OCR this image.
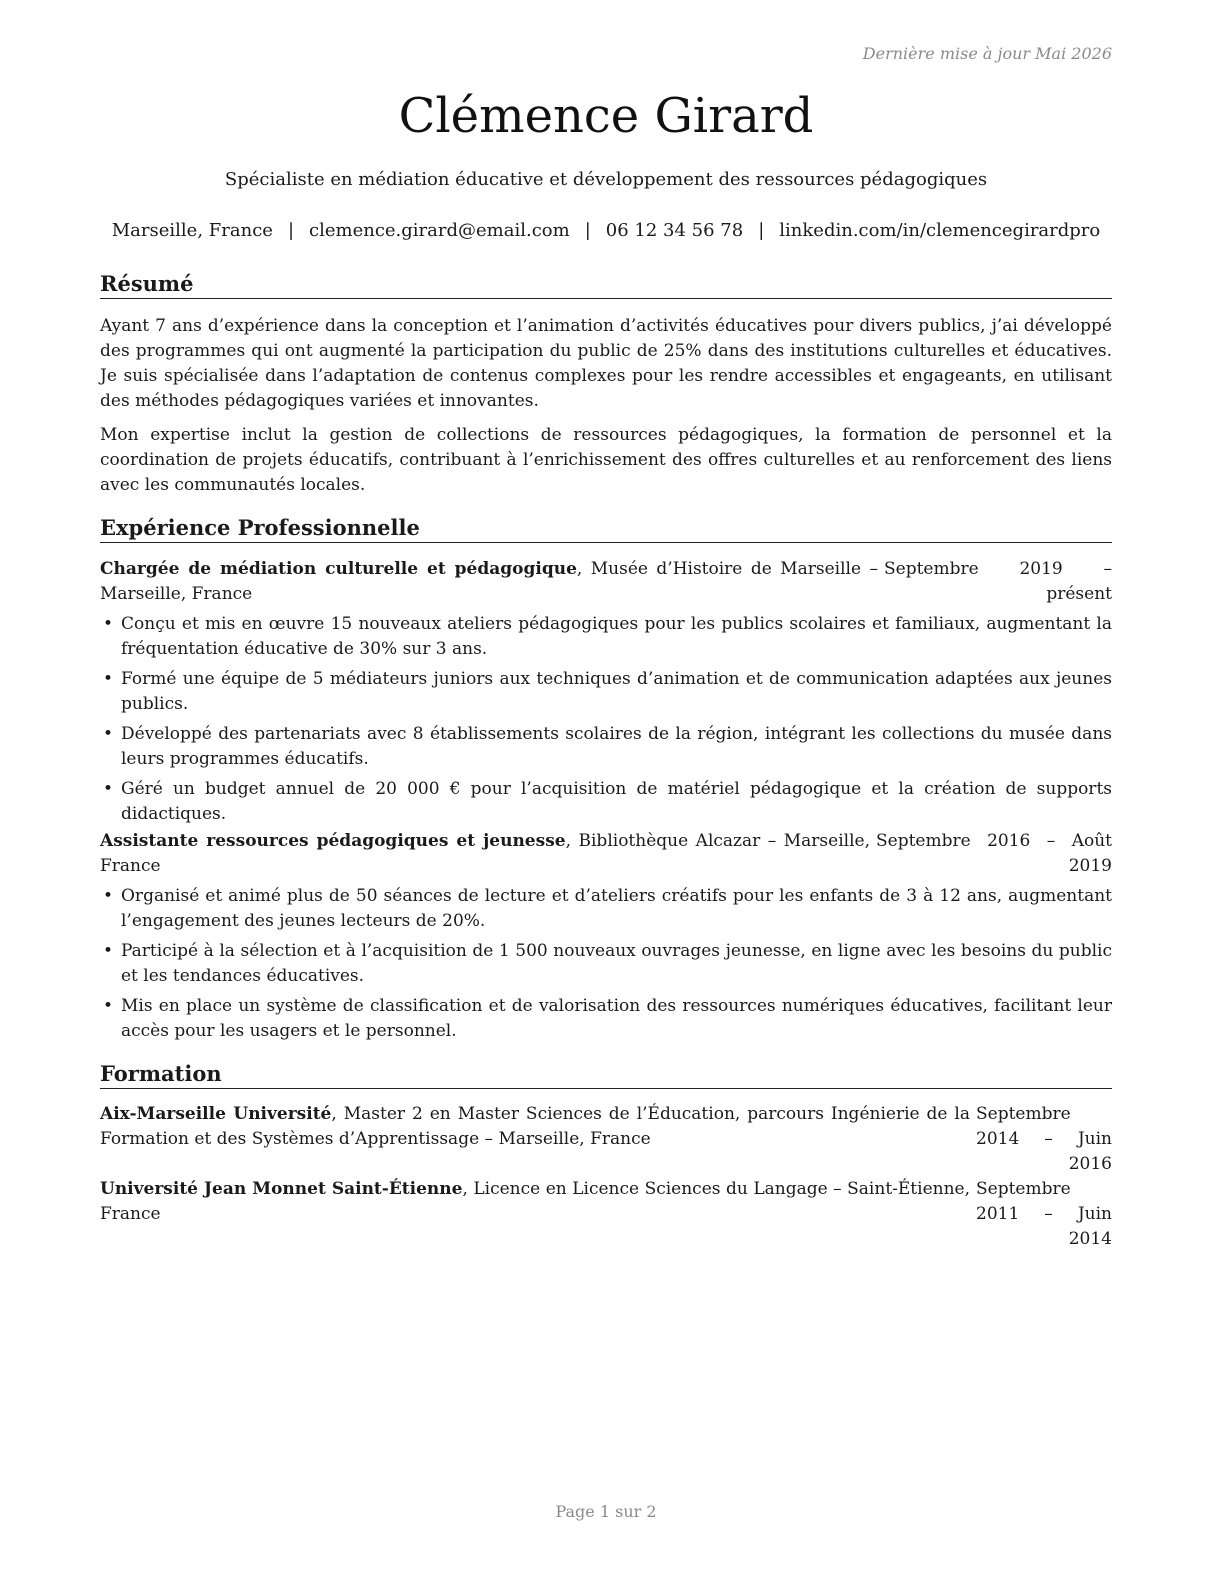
Dernière mise à jour Mai 2026
Clémence Girard
Spécialiste en médiation éducative et développement des ressources pédagogiques
Marseille, France | clemence.girard@email.com | 06 12 34 56 78 | linkedin.com/in/clemencegirardpro
Résumé

Ayant 7 ans d’expérience dans la conception et l’animation d’activités éducatives pour divers publics, j’ai développé des programmes qui ont augmenté la participation du public de 25% dans des institutions culturelles et éducatives. Je suis spécialisée dans l’adaptation de contenus complexes pour les rendre accessibles et engageants, en utilisant des méthodes pédagogiques variées et innovantes.

Mon expertise inclut la gestion de collections de ressources pédagogiques, la formation de personnel et la coordination de projets éducatifs, contribuant à l’enrichissement des offres culturelles et au renforcement des liens avec les communautés locales.

Expérience Professionnelle
Chargée de médiation culturelle et pédagogique, Musée d’Histoire de Marseille – Marseille, France
Septembre 2019 – présent
• Conçu et mis en œuvre 15 nouveaux ateliers pédagogiques pour les publics scolaires et familiaux, augmentant la fréquentation éducative de 30% sur 3 ans.
• Formé une équipe de 5 médiateurs juniors aux techniques d’animation et de communication adaptées aux jeunes publics.
• Développé des partenariats avec 8 établissements scolaires de la région, intégrant les collections du musée dans leurs programmes éducatifs.
• Géré un budget annuel de 20 000 € pour l’acquisition de matériel pédagogique et la création de supports didactiques.
Assistante ressources pédagogiques et jeunesse, Bibliothèque Alcazar – Marseille, France
Septembre 2016 – Août 2019
• Organisé et animé plus de 50 séances de lecture et d’ateliers créatifs pour les enfants de 3 à 12 ans, augmentant l’engagement des jeunes lecteurs de 20%.
• Participé à la sélection et à l’acquisition de 1 500 nouveaux ouvrages jeunesse, en ligne avec les besoins du public et les tendances éducatives.
• Mis en place un système de classification et de valorisation des ressources numériques éducatives, facilitant leur accès pour les usagers et le personnel.
Formation
Aix-Marseille Université, Master 2 en Master Sciences de l’Éducation, parcours Ingénierie de la Formation et des Systèmes d’Apprentissage – Marseille, France
Septembre 2014 – Juin 2016
Université Jean Monnet Saint-Étienne, Licence en Licence Sciences du Langage – Saint-Étienne, France
Septembre 2011 – Juin 2014
Page 1 sur 2
